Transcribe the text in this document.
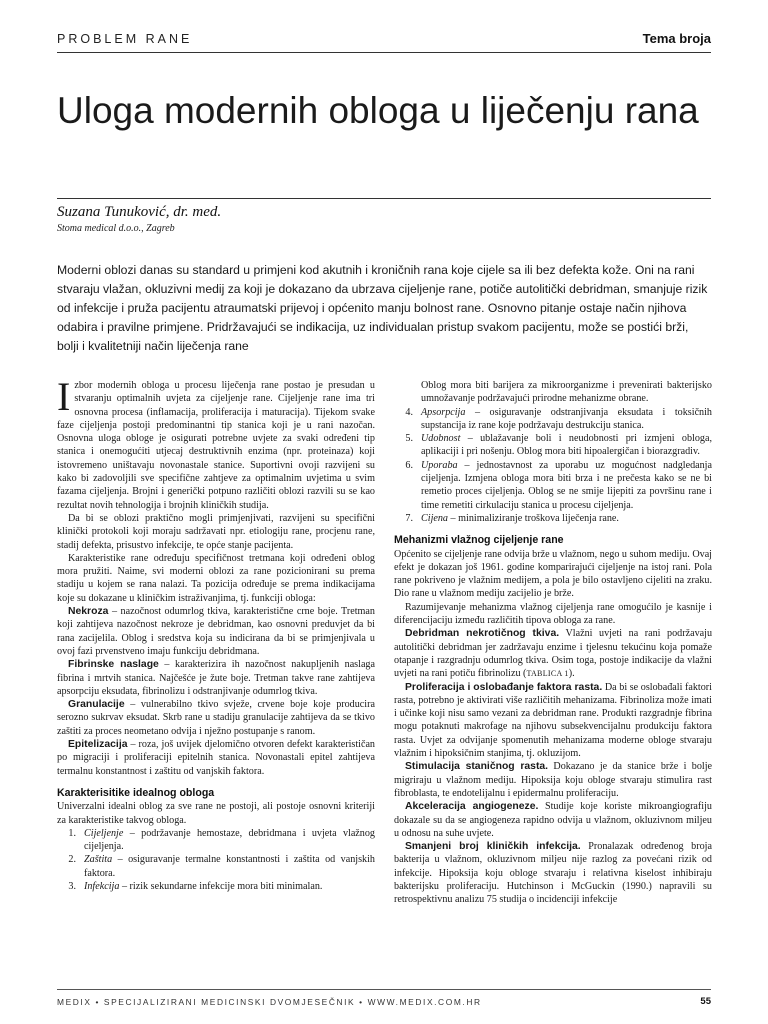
PROBLEM RANE	Tema broja
Uloga modernih obloga u liječenju rana
Suzana Tunuković, dr. med.
Stoma medical d.o.o., Zagreb

Moderni oblozi danas su standard u primjeni kod akutnih i kroničnih rana koje cijele sa ili bez defekta kože. Oni na rani stvaraju vlažan, okluzivni medij za koji je dokazano da ubrzava cijeljenje rane, potiče autolitički debridman, smanjuje rizik od infekcije i pruža pacijentu atraumatski prijevoj i općenito manju bolnost rane. Osnovno pitanje ostaje način njihova odabira i pravilne primjene. Pridržavajući se indikacija, uz individualan pristup svakom pacijentu, može se postići brži, bolji i kvalitetniji način liječenja rane

Izbor modernih obloga u procesu liječenja rane postao je presudan u stvaranju optimalnih uvjeta za cijeljenje rane. Cijeljenje rane ima tri osnovna procesa (inflamacija, proliferacija i maturacija). Tijekom svake faze cijeljenja postoji predominantni tip stanica koji je u rani nazočan. Osnovna uloga obloge je osigurati potrebne uvjete za svaki određeni tip stanica i onemogućiti utjecaj destruktivnih enzima (npr. proteinaza) koji istovremeno uništavaju novonastale stanice. Suportivni ovoji razvijeni su kako bi zadovoljili sve specifične zahtjeve za optimalnim uvjetima u svim fazama cijeljenja. Brojni i generički potpuno različiti oblozi razvili su se kao rezultat novih tehnologija i brojnih kliničkih studija.

Da bi se oblozi praktično mogli primjenjivati, razvijeni su specifični klinički protokoli koji moraju sadržavati npr. etiologiju rane, procjenu rane, stadij defekta, prisustvo infekcije, te opće stanje pacijenta.

Karakteristike rane određuju specifičnost tretmana koji određeni oblog mora pružiti. Naime, svi moderni oblozi za rane pozicionirani su prema stadiju u kojem se rana nalazi. Ta pozicija određuje se prema indikacijama koje su dokazane u kliničkim istraživanjima, tj. funkciji obloga:

Nekroza – nazočnost odumrlog tkiva, karakteristične crne boje. Tretman koji zahtijeva nazočnost nekroze je debridman, kao osnovni preduvjet da bi rana zacijelila. Oblog i sredstva koja su indicirana da bi se primjenjivala u ovoj fazi prvenstveno imaju funkciju debridmana.

Fibrinske naslage – karakterizira ih nazočnost nakupljenih naslaga fibrina i mrtvih stanica. Najčešće je žute boje. Tretman takve rane zahtijeva apsorpciju eksudata, fibrinolizu i odstranjivanje odumrlog tkiva.

Granulacije – vulnerabilno tkivo svježe, crvene boje koje producira serozno sukrvav eksudat. Skrb rane u stadiju granulacije zahtijeva da se tkivo zaštiti za proces neometano odvija i nježno postupanje s ranom.

Epitelizacija – roza, još uvijek djelomično otvoren defekt karakterističan po migraciji i proliferaciji epitelnih stanica. Novonastali epitel zahtijeva termalnu konstantnost i zaštitu od vanjskih faktora.

Karakterisitike idealnog obloga

Univerzalni idealni oblog za sve rane ne postoji, ali postoje osnovni kriteriji za karakteristike takvog obloga.

1. Cijeljenje – podržavanje hemostaze, debridmana i uvjeta vlažnog cijeljenja.
2. Zaštita – osiguravanje termalne konstantnosti i zaštita od vanjskih faktora.
3. Infekcija – rizik sekundarne infekcije mora biti minimalan.
Oblog mora biti barijera za mikroorganizme i prevenirati bakterijsko umnožavanje podržavajući prirodne mehanizme obrane.
4. Apsorpcija – osiguravanje odstranjivanja eksudata i toksičnih supstancija iz rane koje podržavaju destrukciju stanica.
5. Udobnost – ublažavanje boli i neudobnosti pri izmjeni obloga, aplikaciji i pri nošenju. Oblog mora biti hipoalergičan i biorazgradiv.
6. Uporaba – jednostavnost za uporabu uz mogućnost nadgledanja cijeljenja. Izmjena obloga mora biti brza i ne prečesta kako se ne bi remetio proces cijeljenja. Oblog se ne smije lijepiti za površinu rane i time remetiti cirkulaciju stanica u procesu cijeljenja.
7. Cijena – minimaliziranje troškova liječenja rane.
Mehanizmi vlažnog cijeljenje rane

Općenito se cijeljenje rane odvija brže u vlažnom, nego u suhom mediju. Ovaj efekt je dokazan još 1961. godine komparirajući cijeljenje na istoj rani. Pola rane pokriveno je vlažnim medijem, a pola je bilo ostavljeno cijeliti na zraku. Dio rane u vlažnom mediju zacijelio je brže.

Razumijevanje mehanizma vlažnog cijeljenja rane omogućilo je kasnije i diferencijaciju između različitih tipova obloga za rane.

Debridman nekrotičnog tkiva. Vlažni uvjeti na rani podržavaju autolitički debridman jer zadržavaju enzime i tjelesnu tekućinu koja pomaže otapanje i razgradnju odumrlog tkiva. Osim toga, postoje indikacije da vlažni uvjeti na rani potiču fibrinolizu (TABLICA 1).

Proliferacija i oslobađanje faktora rasta. Da bi se oslobađali faktori rasta, potrebno je aktivirati više različitih mehanizama. Fibrinoliza može imati i učinke koji nisu samo vezani za debridman rane. Produkti razgradnje fibrina mogu potaknuti makrofage na njihovu subsekvencijalnu produkciju faktora rasta. Uvjet za odvijanje spomenutih mehanizama moderne obloge stvaraju vlažnim i hipoksičnim stanjima, tj. okluzijom.

Stimulacija staničnog rasta. Dokazano je da stanice brže i bolje migriraju u vlažnom mediju. Hipoksija koju obloge stvaraju stimulira rast fibroblasta, te endotelijalnu i epidermalnu proliferaciju.

Akceleracija angiogeneze. Studije koje koriste mikroangiografiju dokazale su da se angiogeneza rapidno odvija u vlažnom, okluzivnom miljeu u odnosu na suhe uvjete.

Smanjeni broj kliničkih infekcija. Pronalazak određenog broja bakterija u vlažnom, okluzivnom miljeu nije razlog za povećani rizik od infekcije. Hipoksija koju obloge stvaraju i relativna kiselost inhibiraju bakterijsku proliferaciju. Hutchinson i McGuckin (1990.) napravili su retrospektivnu analizu 75 studija o incidenciji infekcije

MEDIX • SPECIJALIZIRANI MEDICINSKI DVOMJESEČNIK • WWW.MEDIX.COM.HR	55
